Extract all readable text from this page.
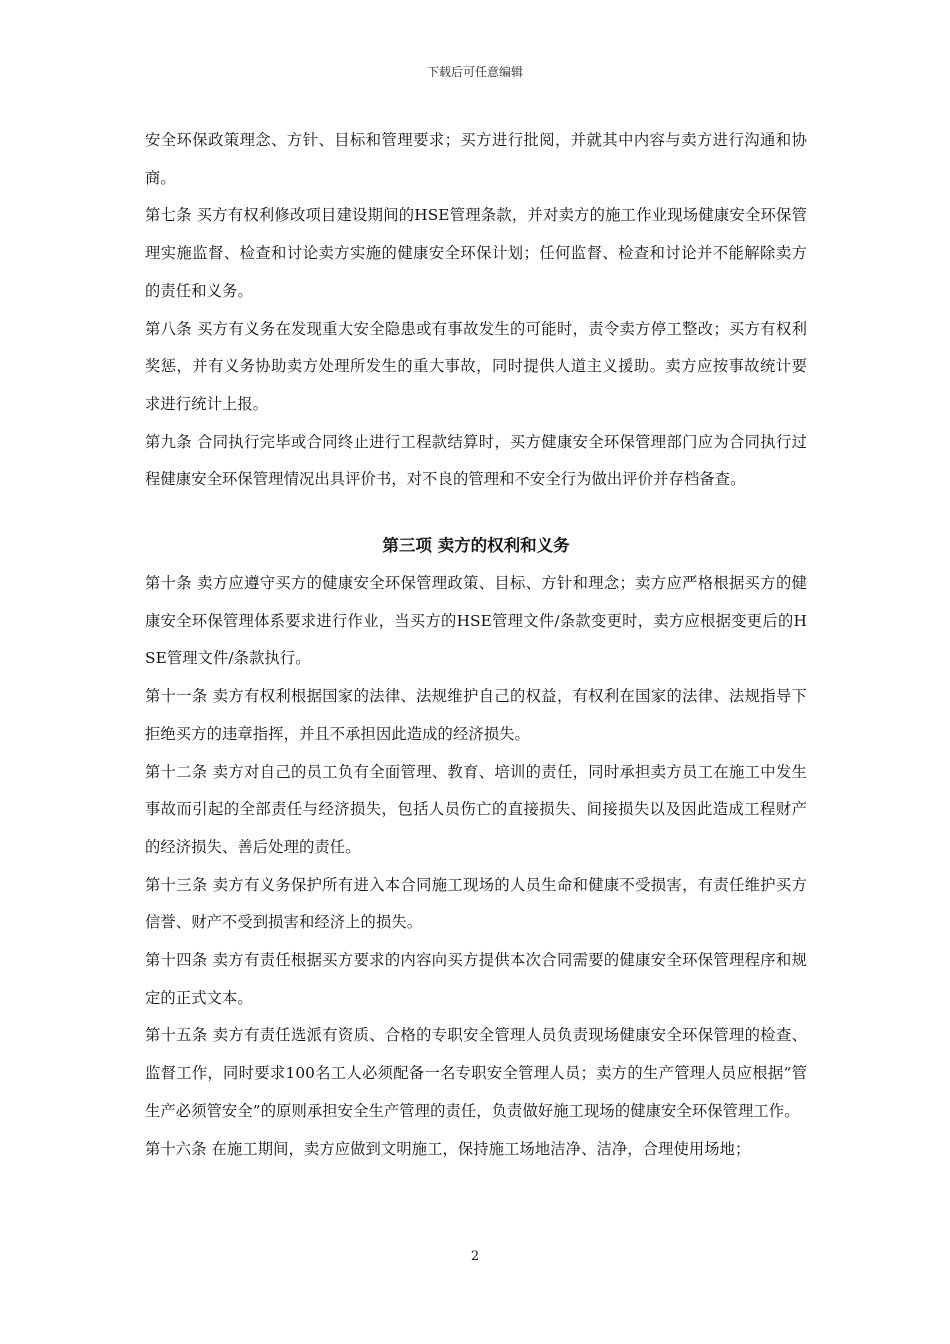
下载后可任意编辑

安全环保政策理念、方针、目标和管理要求；买方进行批阅，并就其中内容与卖方进行沟通和协商。

第七条 买方有权利修改项目建设期间的HSE管理条款，并对卖方的施工作业现场健康安全环保管理实施监督、检查和讨论卖方实施的健康安全环保计划；任何监督、检查和讨论并不能解除卖方的责任和义务。

第八条 买方有义务在发现重大安全隐患或有事故发生的可能时，责令卖方停工整改；买方有权利奖惩，并有义务协助卖方处理所发生的重大事故，同时提供人道主义援助。卖方应按事故统计要求进行统计上报。

第九条 合同执行完毕或合同终止进行工程款结算时，买方健康安全环保管理部门应为合同执行过程健康安全环保管理情况出具评价书，对不良的管理和不安全行为做出评价并存档备查。

第三项 卖方的权利和义务

第十条 卖方应遵守买方的健康安全环保管理政策、目标、方针和理念；卖方应严格根据买方的健康安全环保管理体系要求进行作业，当买方的HSE管理文件/条款变更时，卖方应根据变更后的HSE管理文件/条款执行。

第十一条 卖方有权利根据国家的法律、法规维护自己的权益，有权利在国家的法律、法规指导下拒绝买方的违章指挥，并且不承担因此造成的经济损失。

第十二条 卖方对自己的员工负有全面管理、教育、培训的责任，同时承担卖方员工在施工中发生事故而引起的全部责任与经济损失，包括人员伤亡的直接损失、间接损失以及因此造成工程财产的经济损失、善后处理的责任。

第十三条 卖方有义务保护所有进入本合同施工现场的人员生命和健康不受损害，有责任维护买方信誉、财产不受到损害和经济上的损失。

第十四条 卖方有责任根据买方要求的内容向买方提供本次合同需要的健康安全环保管理程序和规定的正式文本。

第十五条 卖方有责任选派有资质、合格的专职安全管理人员负责现场健康安全环保管理的检查、监督工作，同时要求100名工人必须配备一名专职安全管理人员；卖方的生产管理人员应根据“管生产必须管安全”的原则承担安全生产管理的责任，负责做好施工现场的健康安全环保管理工作。

第十六条 在施工期间，卖方应做到文明施工，保持施工场地洁净、洁净，合理使用场地；

2
